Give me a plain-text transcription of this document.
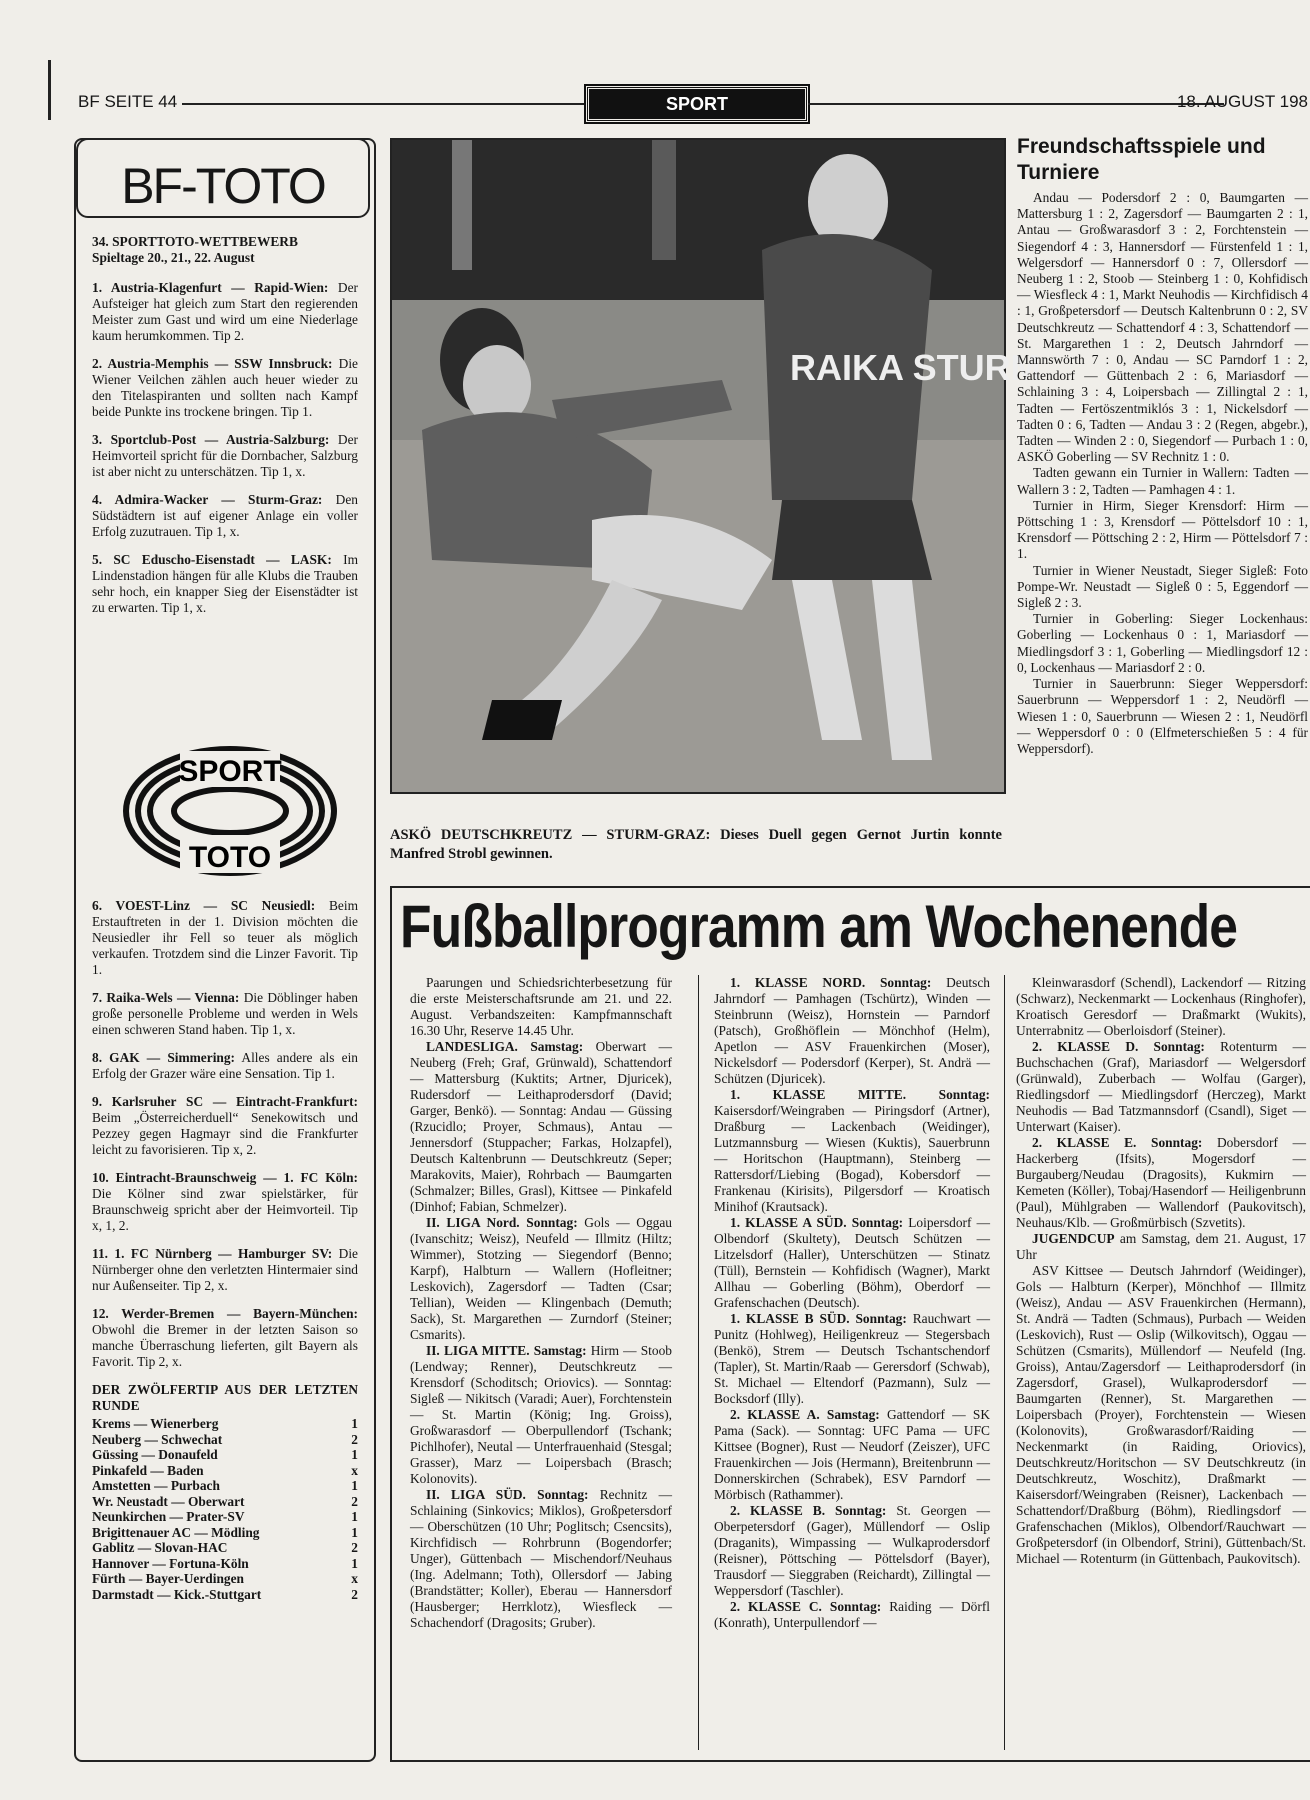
BF SEITE 44	SPORT	18. AUGUST 198
BF-TOTO

34. SPORTTOTO-WETTBEWERB
Spieltage 20., 21., 22. August

1. Austria-Klagenfurt — Rapid-Wien: Der Aufsteiger hat gleich zum Start den regierenden Meister zum Gast und wird um eine Niederlage kaum herumkommen. Tip 2.

2. Austria-Memphis — SSW Innsbruck: Die Wiener Veilchen zählen auch heuer wieder zu den Titelaspiranten und sollten nach Kampf beide Punkte ins trockene bringen. Tip 1.

3. Sportclub-Post — Austria-Salzburg: Der Heimvorteil spricht für die Dornbacher, Salzburg ist aber nicht zu unterschätzen. Tip 1, x.

4. Admira-Wacker — Sturm-Graz: Den Südstädtern ist auf eigener Anlage ein voller Erfolg zuzutrauen. Tip 1, x.

5. SC Eduscho-Eisenstadt — LASK: Im Lindenstadion hängen für alle Klubs die Trauben sehr hoch, ein knapper Sieg der Eisenstädter ist zu erwarten. Tip 1, x.

SPORT
TOTO

6. VOEST-Linz — SC Neusiedl: Beim Erstauftreten in der 1. Division möchten die Neusiedler ihr Fell so teuer als möglich verkaufen. Trotzdem sind die Linzer Favorit. Tip 1.

7. Raika-Wels — Vienna: Die Döblinger haben große personelle Probleme und werden in Wels einen schweren Stand haben. Tip 1, x.

8. GAK — Simmering: Alles andere als ein Erfolg der Grazer wäre eine Sensation. Tip 1.

9. Karlsruher SC — Eintracht-Frankfurt: Beim „Österreicherduell“ Senekowitsch und Pezzey gegen Hagmayr sind die Frankfurter leicht zu favorisieren. Tip x, 2.

10. Eintracht-Braunschweig — 1. FC Köln: Die Kölner sind zwar spielstärker, für Braunschweig spricht aber der Heimvorteil. Tip x, 1, 2.

11. 1. FC Nürnberg — Hamburger SV: Die Nürnberger ohne den verletzten Hintermaier sind nur Außenseiter. Tip 2, x.

12. Werder-Bremen — Bayern-München: Obwohl die Bremer in der letzten Saison so manche Überraschung lieferten, gilt Bayern als Favorit. Tip 2, x.

DER ZWÖLFERTIP AUS DER LETZTEN RUNDE

Krems — Wienerberg	1
Neuberg — Schwechat	2
Güssing — Donaufeld	1
Pinkafeld — Baden	x
Amstetten — Purbach	1
Wr. Neustadt — Oberwart	2
Neunkirchen — Prater-SV	1
Brigittenauer AC — Mödling	1
Gablitz — Slovan-HAC	2
Hannover — Fortuna-Köln	1
Fürth — Bayer-Uerdingen	x
Darmstadt — Kick.-Stuttgart	2
RAIKA STURM
ASKÖ DEUTSCHKREUTZ — STURM-GRAZ: Dieses Duell gegen Gernot Jurtin konnte Manfred Strobl gewinnen.
Freundschaftsspiele und Turniere

Andau — Podersdorf 2 : 0, Baumgarten — Mattersburg 1 : 2, Zagersdorf — Baumgarten 2 : 1, Antau — Großwarasdorf 3 : 2, Forchtenstein — Siegendorf 4 : 3, Hannersdorf — Fürstenfeld 1 : 1, Welgersdorf — Hannersdorf 0 : 7, Ollersdorf — Neuberg 1 : 2, Stoob — Steinberg 1 : 0, Kohfidisch — Wiesfleck 4 : 1, Markt Neuhodis — Kirchfidisch 4 : 1, Großpetersdorf — Deutsch Kaltenbrunn 0 : 2, SV Deutschkreutz — Schattendorf 4 : 3, Schattendorf — St. Margarethen 1 : 2, Deutsch Jahrndorf — Mannswörth 7 : 0, Andau — SC Parndorf 1 : 2, Gattendorf — Güttenbach 2 : 6, Mariasdorf — Schlaining 3 : 4, Loipersbach — Zillingtal 2 : 1, Tadten — Fertöszentmiklós 3 : 1, Nickelsdorf — Tadten 0 : 6, Tadten — Andau 3 : 2 (Regen, abgebr.), Tadten — Winden 2 : 0, Siegendorf — Purbach 1 : 0, ASKÖ Goberling — SV Rechnitz 1 : 0.

Tadten gewann ein Turnier in Wallern: Tadten — Wallern 3 : 2, Tadten — Pamhagen 4 : 1.

Turnier in Hirm, Sieger Krensdorf: Hirm — Pöttsching 1 : 3, Krensdorf — Pöttelsdorf 10 : 1, Krensdorf — Pöttsching 2 : 2, Hirm — Pöttelsdorf 7 : 1.

Turnier in Wiener Neustadt, Sieger Sigleß: Foto Pompe-Wr. Neustadt — Sigleß 0 : 5, Eggendorf — Sigleß 2 : 3.

Turnier in Goberling: Sieger Lockenhaus: Goberling — Lockenhaus 0 : 1, Mariasdorf — Miedlingsdorf 3 : 1, Goberling — Miedlingsdorf 12 : 0, Lockenhaus — Mariasdorf 2 : 0.

Turnier in Sauerbrunn: Sieger Weppersdorf: Sauerbrunn — Weppersdorf 1 : 2, Neudörfl — Wiesen 1 : 0, Sauerbrunn — Wiesen 2 : 1, Neudörfl — Weppersdorf 0 : 0 (Elfmeterschießen 5 : 4 für Weppersdorf).

Fußballprogramm am Wochenende

Paarungen und Schiedsrichterbesetzung für die erste Meisterschaftsrunde am 21. und 22. August. Verbandszeiten: Kampfmannschaft 16.30 Uhr, Reserve 14.45 Uhr.

LANDESLIGA. Samstag: Oberwart — Neuberg (Freh; Graf, Grünwald), Schattendorf — Mattersburg (Kuktits; Artner, Djuricek), Rudersdorf — Leithaprodersdorf (David; Garger, Benkö). — Sonntag: Andau — Güssing (Rzucidlo; Proyer, Schmaus), Antau — Jennersdorf (Stuppacher; Farkas, Holzapfel), Deutsch Kaltenbrunn — Deutschkreutz (Seper; Marakovits, Maier), Rohrbach — Baumgarten (Schmalzer; Billes, Grasl), Kittsee — Pinkafeld (Dinhof; Fabian, Schmelzer).

II. LIGA Nord. Sonntag: Gols — Oggau (Ivanschitz; Weisz), Neufeld — Illmitz (Hiltz; Wimmer), Stotzing — Siegendorf (Benno; Karpf), Halbturn — Wallern (Hofleitner; Leskovich), Zagersdorf — Tadten (Csar; Tellian), Weiden — Klingenbach (Demuth; Sack), St. Margarethen — Zurndorf (Steiner; Csmarits).

II. LIGA MITTE. Samstag: Hirm — Stoob (Lendway; Renner), Deutschkreutz — Krensdorf (Schoditsch; Oriovics). — Sonntag: Sigleß — Nikitsch (Varadi; Auer), Forchtenstein — St. Martin (König; Ing. Groiss), Großwarasdorf — Oberpullendorf (Tschank; Pichlhofer), Neutal — Unterfrauenhaid (Stesgal; Grasser), Marz — Loipersbach (Brasch; Kolonovits).

II. LIGA SÜD. Sonntag: Rechnitz — Schlaining (Sinkovics; Miklos), Großpetersdorf — Oberschützen (10 Uhr; Poglitsch; Csencsits), Kirchfidisch — Rohrbrunn (Bogendorfer; Unger), Güttenbach — Mischendorf/Neuhaus (Ing. Adelmann; Toth), Ollersdorf — Jabing (Brandstätter; Koller), Eberau — Hannersdorf (Hausberger; Herrklotz), Wiesfleck — Schachendorf (Dragosits; Gruber).

1. KLASSE NORD. Sonntag: Deutsch Jahrndorf — Pamhagen (Tschürtz), Winden — Steinbrunn (Weisz), Hornstein — Parndorf (Patsch), Großhöflein — Mönchhof (Helm), Apetlon — ASV Frauenkirchen (Moser), Nickelsdorf — Podersdorf (Kerper), St. Andrä — Schützen (Djuricek).

1. KLASSE MITTE. Sonntag: Kaisersdorf/Weingraben — Piringsdorf (Artner), Draßburg — Lackenbach (Weidinger), Lutzmannsburg — Wiesen (Kuktis), Sauerbrunn — Horitschon (Hauptmann), Steinberg — Rattersdorf/Liebing (Bogad), Kobersdorf — Frankenau (Kirisits), Pilgersdorf — Kroatisch Minihof (Krautsack).

1. KLASSE A SÜD. Sonntag: Loipersdorf — Olbendorf (Skultety), Deutsch Schützen — Litzelsdorf (Haller), Unterschützen — Stinatz (Tüll), Bernstein — Kohfidisch (Wagner), Markt Allhau — Goberling (Böhm), Oberdorf — Grafenschachen (Deutsch).

1. KLASSE B SÜD. Sonntag: Rauchwart — Punitz (Hohlweg), Heiligenkreuz — Stegersbach (Benkö), Strem — Deutsch Tschantschendorf (Tapler), St. Martin/Raab — Gerersdorf (Schwab), St. Michael — Eltendorf (Pazmann), Sulz — Bocksdorf (Illy).

2. KLASSE A. Samstag: Gattendorf — SK Pama (Sack). — Sonntag: UFC Pama — UFC Kittsee (Bogner), Rust — Neudorf (Zeiszer), UFC Frauenkirchen — Jois (Hermann), Breitenbrunn — Donnerskirchen (Schrabek), ESV Parndorf — Mörbisch (Rathammer).

2. KLASSE B. Sonntag: St. Georgen — Oberpetersdorf (Gager), Müllendorf — Oslip (Draganits), Wimpassing — Wulkaprodersdorf (Reisner), Pöttsching — Pöttelsdorf (Bayer), Trausdorf — Sieggraben (Reichardt), Zillingtal — Weppersdorf (Taschler).

2. KLASSE C. Sonntag: Raiding — Dörfl (Konrath), Unterpullendorf —

Kleinwarasdorf (Schendl), Lackendorf — Ritzing (Schwarz), Neckenmarkt — Lockenhaus (Ringhofer), Kroatisch Geresdorf — Draßmarkt (Wukits), Unterrabnitz — Oberloisdorf (Steiner).

2. KLASSE D. Sonntag: Rotenturm — Buchschachen (Graf), Mariasdorf — Welgersdorf (Grünwald), Zuberbach — Wolfau (Garger), Riedlingsdorf — Miedlingsdorf (Herczeg), Markt Neuhodis — Bad Tatzmannsdorf (Csandl), Siget — Unterwart (Kaiser).

2. KLASSE E. Sonntag: Dobersdorf — Hackerberg (Ifsits), Mogersdorf — Burgauberg/Neudau (Dragosits), Kukmirn — Kemeten (Köller), Tobaj/Hasendorf — Heiligenbrunn (Paul), Mühlgraben — Wallendorf (Paukovitsch), Neuhaus/Klb. — Großmürbisch (Szvetits).

JUGENDCUP am Samstag, dem 21. August, 17 Uhr

ASV Kittsee — Deutsch Jahrndorf (Weidinger), Gols — Halbturn (Kerper), Mönchhof — Illmitz (Weisz), Andau — ASV Frauenkirchen (Hermann), St. Andrä — Tadten (Schmaus), Purbach — Weiden (Leskovich), Rust — Oslip (Wilkovitsch), Oggau — Schützen (Csmarits), Müllendorf — Neufeld (Ing. Groiss), Antau/Zagersdorf — Leithaprodersdorf (in Zagersdorf, Grasel), Wulkaprodersdorf — Baumgarten (Renner), St. Margarethen — Loipersbach (Proyer), Forchtenstein — Wiesen (Kolonovits), Großwarasdorf/Raiding — Neckenmarkt (in Raiding, Oriovics), Deutschkreutz/Horitschon — SV Deutschkreutz (in Deutschkreutz, Woschitz), Draßmarkt — Kaisersdorf/Weingraben (Reisner), Lackenbach — Schattendorf/Draßburg (Böhm), Riedlingsdorf — Grafenschachen (Miklos), Olbendorf/Rauchwart — Großpetersdorf (in Olbendorf, Strini), Güttenbach/St. Michael — Rotenturm (in Güttenbach, Paukovitsch).
